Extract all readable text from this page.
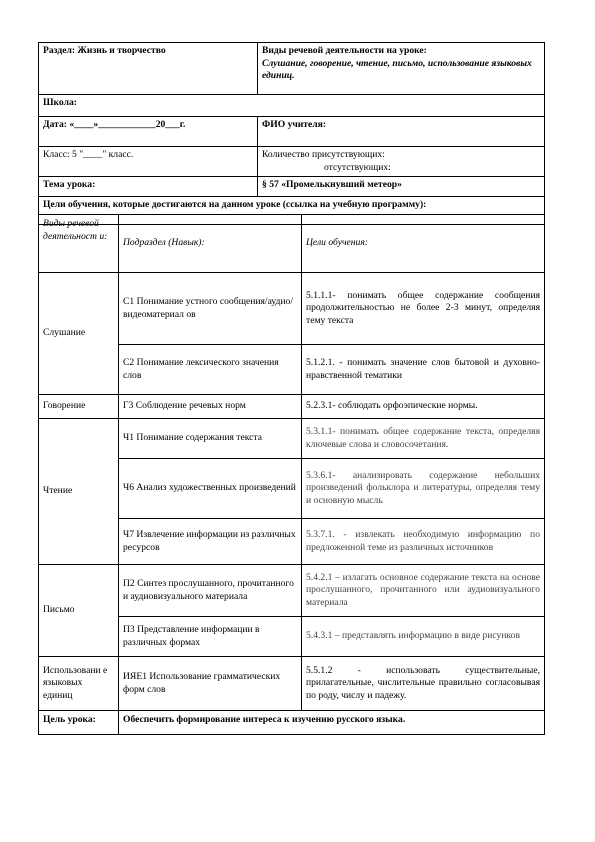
Раздел: Жизнь и творчество	Виды речевой деятельности на уроке:
Слушание, говорение, чтение, письмо, использование языковых единиц.

Школа:	
Дата: «____»____________20___г.	ФИО учителя:
Класс: 5 "____" класс.	Количество присутствующих:
отсутствующих:

Тема урока:	§ 57 «Промелькнувший метеор»
Цели обучения, которые достигаются на данном уроке (ссылка на учебную программу):	
Виды речевой деятельност и:	Подраздел (Навык):	Цели обучения:
Слушание	С1 Понимание устного сообщения/аудио/видеоматериал ов	5.1.1.1- понимать общее содержание сообщения продолжительностью не более 2-3 минут, определяя тему текста
	С2 Понимание лексического значения слов	5.1.2.1. - понимать значение слов бытовой и духовно-нравственной тематики
Говорение	Г3 Соблюдение речевых норм	5.2.3.1- соблюдать орфоэпические нормы.
Чтение	Ч1 Понимание содержания текста	5.3.1.1- понимать общее содержание текста, определяя ключевые слова и словосочетания.
	Ч6 Анализ художественных произведений	5.3.6.1- анализировать содержание небольших произведений фольклора и литературы, определяя тему и основную мысль
	Ч7 Извлечение информации из различных ресурсов	5.3.7.1. - извлекать необходимую информацию по предложенной теме из различных источников
Письмо	П2 Синтез прослушанного, прочитанного и аудиовизуального материала	5.4.2.1 – излагать основное содержание текста на основе прослушанного, прочитанного или аудиовизуального материала
	П3 Представление информации в различных формах	5.4.3.1 – представлять информацию в виде рисунков
Использовани е языковых единиц	ИЯЕ1 Использование грамматических форм слов	5.5.1.2 - использовать существительные, прилагательные, числительные правильно согласовывая по роду, числу и падежу.
Цель урока:	Обеспечить формирование интереса к изучению русского языка.	
